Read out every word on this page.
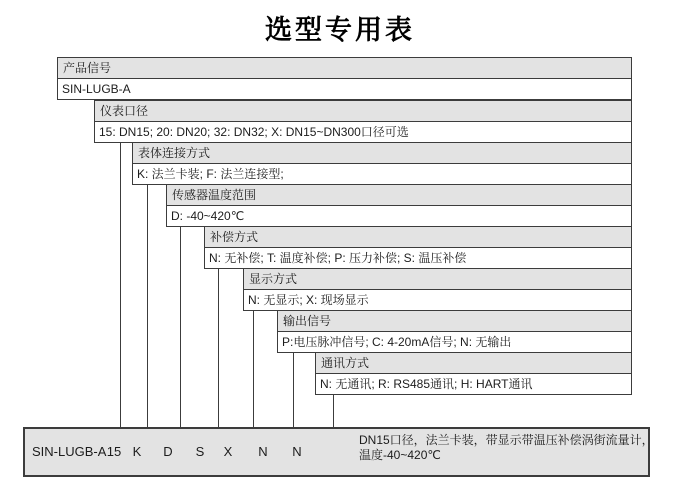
选型专用表
产品信号
SIN-LUGB-A
仪表口径
15: DN15; 20: DN20; 32: DN32; X: DN15~DN300口径可选
表体连接方式
K: 法兰卡装; F: 法兰连接型;
传感器温度范围
D: -40~420℃
补偿方式
N: 无补偿; T: 温度补偿; P: 压力补偿; S: 温压补偿
显示方式
N: 无显示; X: 现场显示
输出信号
P:电压脉冲信号; C: 4-20mA信号; N: 无输出
通讯方式
N: 无通讯; R: RS485通讯; H: HART通讯
SIN-LUGB-A 15 K D S X N N
DN15口径，法兰卡装，带显示带温压补偿涡街流量计，
温度-40~420℃
